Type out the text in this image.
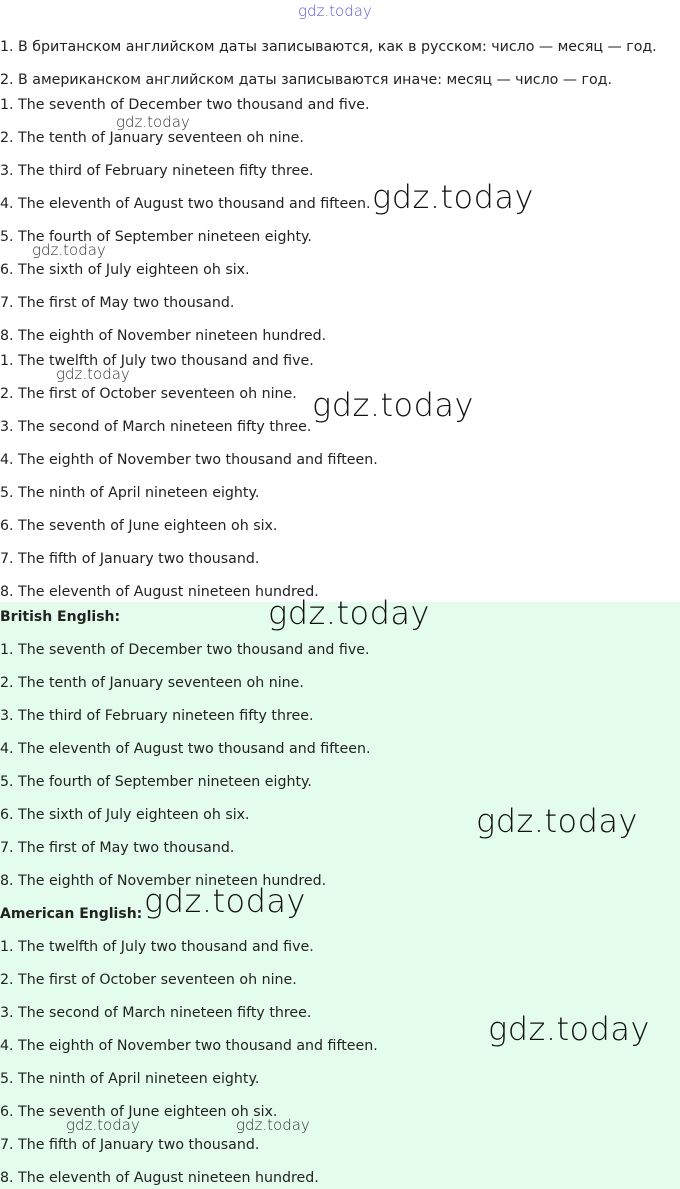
1. В британском английском даты записываются, как в русском: число — месяц — год.
2. В американском английском даты записываются иначе: месяц — число — год.
1. The seventh of December two thousand and five.
2. The tenth of January seventeen oh nine.
3. The third of February nineteen fifty three.
4. The eleventh of August two thousand and fifteen.
5. The fourth of September nineteen eighty.
6. The sixth of July eighteen oh six.
7. The first of May two thousand.
8. The eighth of November nineteen hundred.
1. The twelfth of July two thousand and five.
2. The first of October seventeen oh nine.
3. The second of March nineteen fifty three.
4. The eighth of November two thousand and fifteen.
5. The ninth of April nineteen eighty.
6. The seventh of June eighteen oh six.
7. The fifth of January two thousand.
8. The eleventh of August nineteen hundred.
British English:
1. The seventh of December two thousand and five.
2. The tenth of January seventeen oh nine.
3. The third of February nineteen fifty three.
4. The eleventh of August two thousand and fifteen.
5. The fourth of September nineteen eighty.
6. The sixth of July eighteen oh six.
7. The first of May two thousand.
8. The eighth of November nineteen hundred.
American English:
1. The twelfth of July two thousand and five.
2. The first of October seventeen oh nine.
3. The second of March nineteen fifty three.
4. The eighth of November two thousand and fifteen.
5. The ninth of April nineteen eighty.
6. The seventh of June eighteen oh six.
7. The fifth of January two thousand.
8. The eleventh of August nineteen hundred.
gdz.today
gdz.today
gdz.today
gdz.today
gdz.today
gdz.today
gdz.today
gdz.today
gdz.today
gdz.today
gdz.today	gdz.today
